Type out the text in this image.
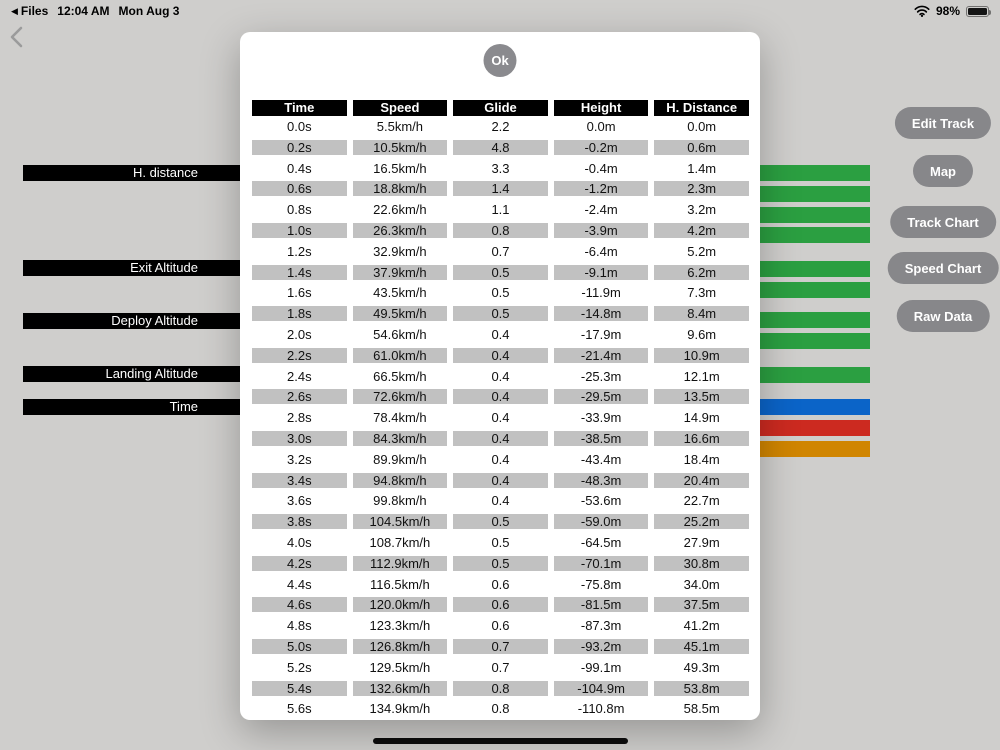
◀ Files 12:04 AM Mon Aug 3	98%
H. distance
Exit Altitude
Deploy Altitude
Landing Altitude
Time
Edit Track
Map
Track Chart
Speed Chart
Raw Data
Ok
Time	Speed	Glide	Height	H. Distance
0.0s	5.5km/h	2.2	0.0m	0.0m
0.2s	10.5km/h	4.8	-0.2m	0.6m
0.4s	16.5km/h	3.3	-0.4m	1.4m
0.6s	18.8km/h	1.4	-1.2m	2.3m
0.8s	22.6km/h	1.1	-2.4m	3.2m
1.0s	26.3km/h	0.8	-3.9m	4.2m
1.2s	32.9km/h	0.7	-6.4m	5.2m
1.4s	37.9km/h	0.5	-9.1m	6.2m
1.6s	43.5km/h	0.5	-11.9m	7.3m
1.8s	49.5km/h	0.5	-14.8m	8.4m
2.0s	54.6km/h	0.4	-17.9m	9.6m
2.2s	61.0km/h	0.4	-21.4m	10.9m
2.4s	66.5km/h	0.4	-25.3m	12.1m
2.6s	72.6km/h	0.4	-29.5m	13.5m
2.8s	78.4km/h	0.4	-33.9m	14.9m
3.0s	84.3km/h	0.4	-38.5m	16.6m
3.2s	89.9km/h	0.4	-43.4m	18.4m
3.4s	94.8km/h	0.4	-48.3m	20.4m
3.6s	99.8km/h	0.4	-53.6m	22.7m
3.8s	104.5km/h	0.5	-59.0m	25.2m
4.0s	108.7km/h	0.5	-64.5m	27.9m
4.2s	112.9km/h	0.5	-70.1m	30.8m
4.4s	116.5km/h	0.6	-75.8m	34.0m
4.6s	120.0km/h	0.6	-81.5m	37.5m
4.8s	123.3km/h	0.6	-87.3m	41.2m
5.0s	126.8km/h	0.7	-93.2m	45.1m
5.2s	129.5km/h	0.7	-99.1m	49.3m
5.4s	132.6km/h	0.8	-104.9m	53.8m
5.6s	134.9km/h	0.8	-110.8m	58.5m
